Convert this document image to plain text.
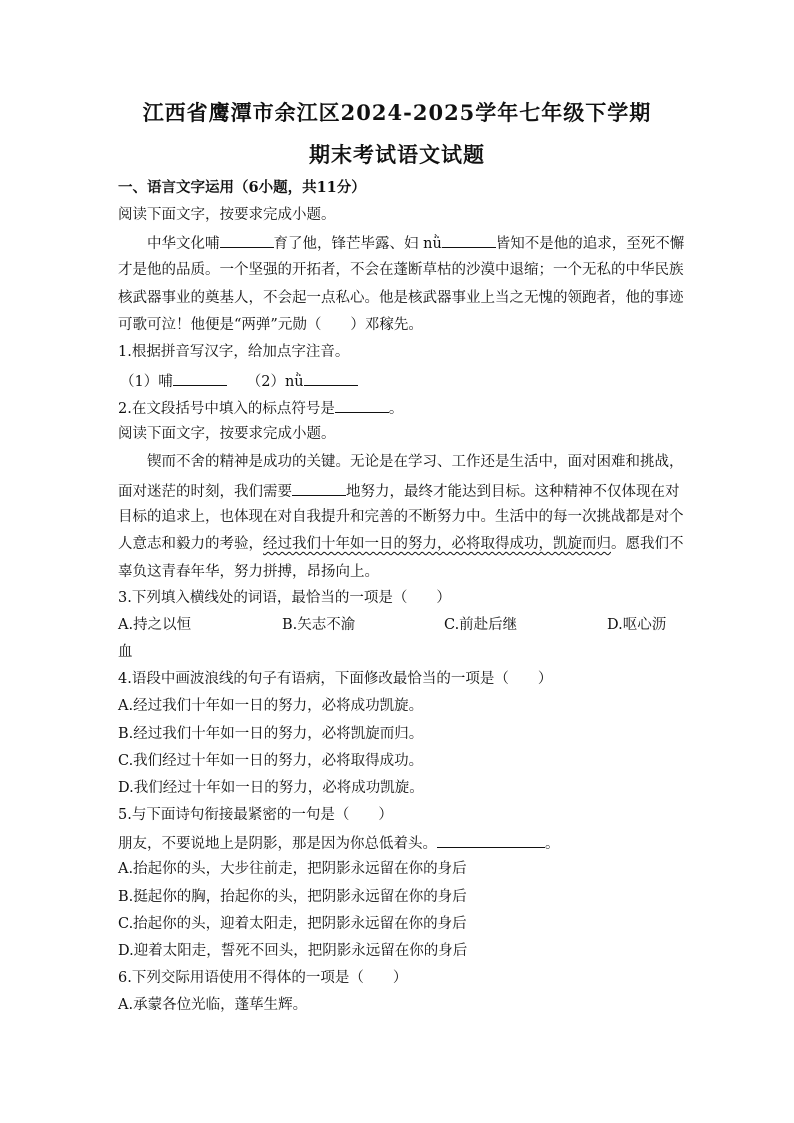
江西省鹰潭市余江区2024-2025学年七年级下学期
期末考试语文试题
一、语言文字运用（6小题，共11分）
阅读下面文字，按要求完成小题。
中华文化哺	育了他，锋芒毕露、妇 nǜ	皆知不是他的追求，至死不懈
才是他的品质。一个坚强的开拓者，不会在蓬断草枯的沙漠中退缩；一个无私的中华民族
核武器事业的奠基人，不会起一点私心。他是核武器事业上当之无愧的领跑者，他的事迹
可歌可泣！他便是“两弹”元勋（　　）邓稼先。
1.根据拼音写汉字，给加点字注音。
（1）哺	（2）nǜ
2.在文段括号中填入的标点符号是	。
阅读下面文字，按要求完成小题。
锲而不舍的精神是成功的关键。无论是在学习、工作还是生活中，面对困难和挑战，
面对迷茫的时刻，我们需要	地努力，最终才能达到目标。这种精神不仅体现在对
目标的追求上，也体现在对自我提升和完善的不断努力中。生活中的每一次挑战都是对个
人意志和毅力的考验，经过我们十年如一日的努力，必将取得成功，凯旋而归。愿我们不
辜负这青春年华，努力拼搏，昂扬向上。
3.下列填入横线处的词语，最恰当的一项是（　　）
A.持之以恒	B.矢志不渝	C.前赴后继	D.呕心沥
血
4.语段中画波浪线的句子有语病，下面修改最恰当的一项是（　　）
A.经过我们十年如一日的努力，必将成功凯旋。
B.经过我们十年如一日的努力，必将凯旋而归。
C.我们经过十年如一日的努力，必将取得成功。
D.我们经过十年如一日的努力，必将成功凯旋。
5.与下面诗句衔接最紧密的一句是（　　）
朋友，不要说地上是阴影，那是因为你总低着头。	。
A.抬起你的头，大步往前走，把阴影永远留在你的身后
B.挺起你的胸，抬起你的头，把阴影永远留在你的身后
C.抬起你的头，迎着太阳走，把阴影永远留在你的身后
D.迎着太阳走，誓死不回头，把阴影永远留在你的身后
6.下列交际用语使用不得体的一项是（　　）
A.承蒙各位光临，蓬荜生辉。
